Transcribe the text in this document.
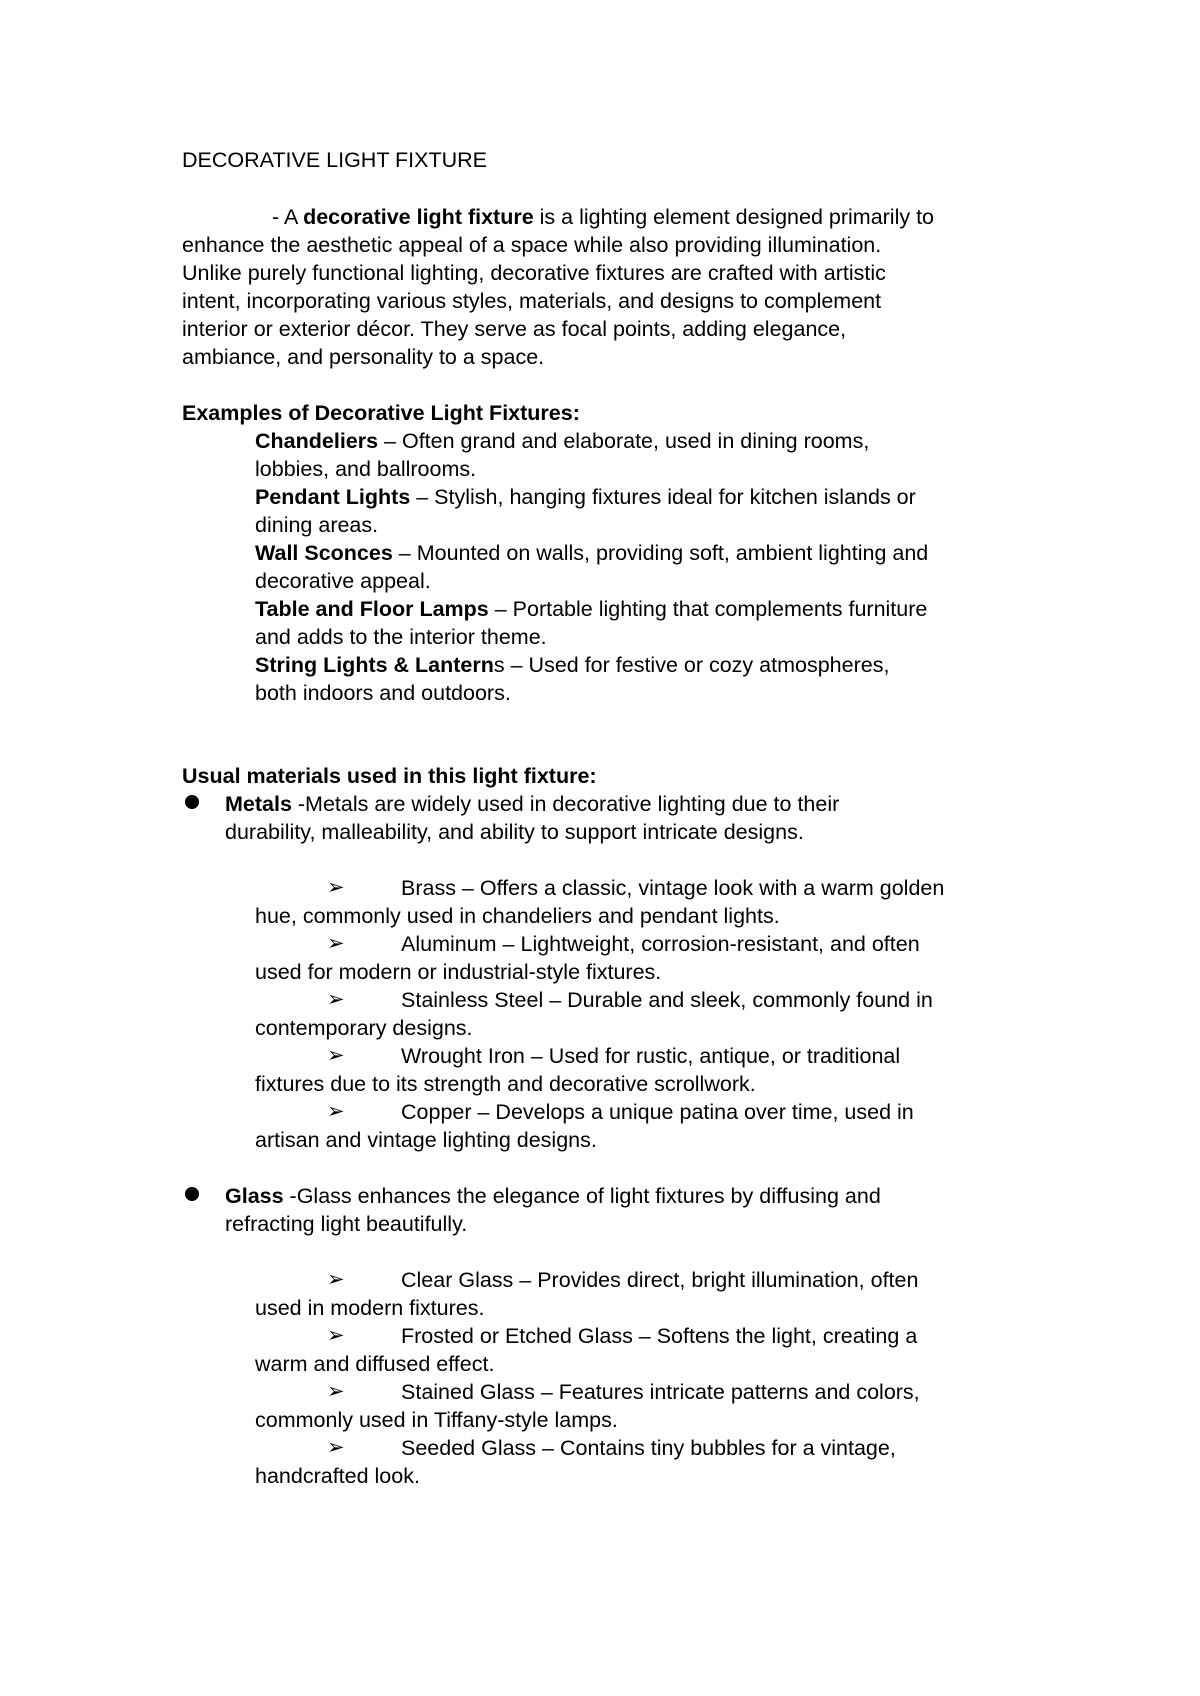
DECORATIVE LIGHT FIXTURE
- A decorative light fixture is a lighting element designed primarily to
enhance the aesthetic appeal of a space while also providing illumination.
Unlike purely functional lighting, decorative fixtures are crafted with artistic
intent, incorporating various styles, materials, and designs to complement
interior or exterior décor. They serve as focal points, adding elegance,
ambiance, and personality to a space.
Examples of Decorative Light Fixtures:
Chandeliers – Often grand and elaborate, used in dining rooms,
lobbies, and ballrooms.
Pendant Lights – Stylish, hanging fixtures ideal for kitchen islands or
dining areas.
Wall Sconces – Mounted on walls, providing soft, ambient lighting and
decorative appeal.
Table and Floor Lamps – Portable lighting that complements furniture
and adds to the interior theme.
String Lights & Lanterns – Used for festive or cozy atmospheres,
both indoors and outdoors.
Usual materials used in this light fixture:
Metals -Metals are widely used in decorative lighting due to their
durability, malleability, and ability to support intricate designs.
➢	Brass – Offers a classic, vintage look with a warm golden
hue, commonly used in chandeliers and pendant lights.
➢	Aluminum – Lightweight, corrosion-resistant, and often
used for modern or industrial-style fixtures.
➢	Stainless Steel – Durable and sleek, commonly found in
contemporary designs.
➢	Wrought Iron – Used for rustic, antique, or traditional
fixtures due to its strength and decorative scrollwork.
➢	Copper – Develops a unique patina over time, used in
artisan and vintage lighting designs.
Glass -Glass enhances the elegance of light fixtures by diffusing and
refracting light beautifully.
➢	Clear Glass – Provides direct, bright illumination, often
used in modern fixtures.
➢	Frosted or Etched Glass – Softens the light, creating a
warm and diffused effect.
➢	Stained Glass – Features intricate patterns and colors,
commonly used in Tiffany-style lamps.
➢	Seeded Glass – Contains tiny bubbles for a vintage,
handcrafted look.
